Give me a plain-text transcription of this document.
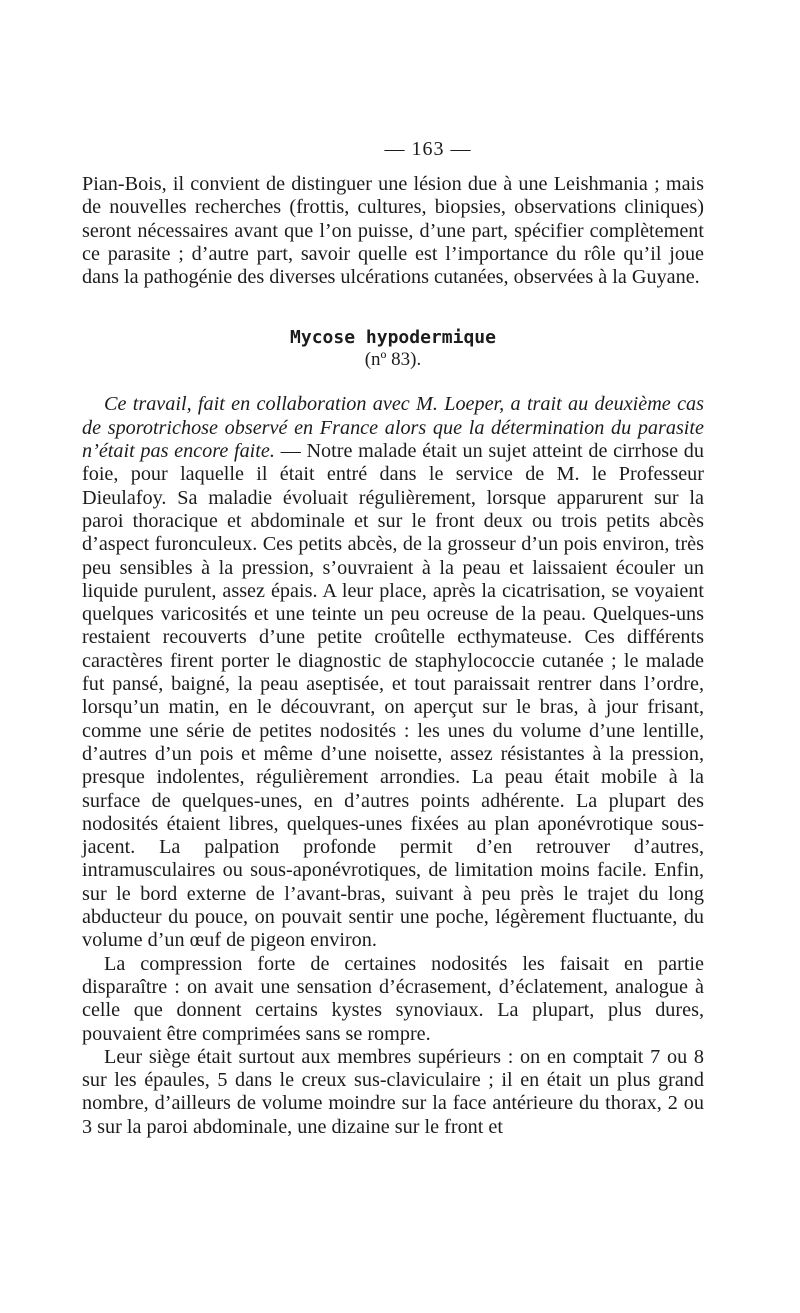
— 163 —

Pian-Bois, il convient de distinguer une lésion due à une Leishmania ; mais de nouvelles recherches (frottis, cultures, biopsies, observations cliniques) seront nécessaires avant que l’on puisse, d’une part, spécifier complètement ce parasite ; d’autre part, savoir quelle est l’importance du rôle qu’il joue dans la pathogénie des diverses ulcérations cutanées, observées à la Guyane.

Mycose hypodermique
(nº 83).

Ce travail, fait en collaboration avec M. Loeper, a trait au deuxième cas de sporotrichose observé en France alors que la détermination du parasite n’était pas encore faite. — Notre malade était un sujet atteint de cirrhose du foie, pour laquelle il était entré dans le service de M. le Professeur Dieulafoy. Sa maladie évoluait régulièrement, lorsque apparurent sur la paroi thoracique et abdominale et sur le front deux ou trois petits abcès d’aspect furonculeux. Ces petits abcès, de la grosseur d’un pois environ, très peu sensibles à la pression, s’ouvraient à la peau et laissaient écouler un liquide purulent, assez épais. A leur place, après la cicatrisation, se voyaient quelques varicosités et une teinte un peu ocreuse de la peau. Quelques-uns restaient recouverts d’une petite croûtelle ecthymateuse. Ces différents caractères firent porter le diagnostic de staphylococcie cutanée ; le malade fut pansé, baigné, la peau aseptisée, et tout paraissait rentrer dans l’ordre, lorsqu’un matin, en le découvrant, on aperçut sur le bras, à jour frisant, comme une série de petites nodosités : les unes du volume d’une lentille, d’autres d’un pois et même d’une noisette, assez résistantes à la pression, presque indolentes, régulièrement arrondies. La peau était mobile à la surface de quelques-unes, en d’autres points adhérente. La plupart des nodosités étaient libres, quelques-unes fixées au plan aponévrotique sous-jacent. La palpation profonde permit d’en retrouver d’autres, intramusculaires ou sous-aponévrotiques, de limitation moins facile. Enfin, sur le bord externe de l’avant-bras, suivant à peu près le trajet du long abducteur du pouce, on pouvait sentir une poche, légèrement fluctuante, du volume d’un œuf de pigeon environ.

La compression forte de certaines nodosités les faisait en partie disparaître : on avait une sensation d’écrasement, d’éclatement, analogue à celle que donnent certains kystes synoviaux. La plupart, plus dures, pouvaient être comprimées sans se rompre.

Leur siège était surtout aux membres supérieurs : on en comptait 7 ou 8 sur les épaules, 5 dans le creux sus-claviculaire ; il en était un plus grand nombre, d’ailleurs de volume moindre sur la face antérieure du thorax, 2 ou 3 sur la paroi abdominale, une dizaine sur le front et
